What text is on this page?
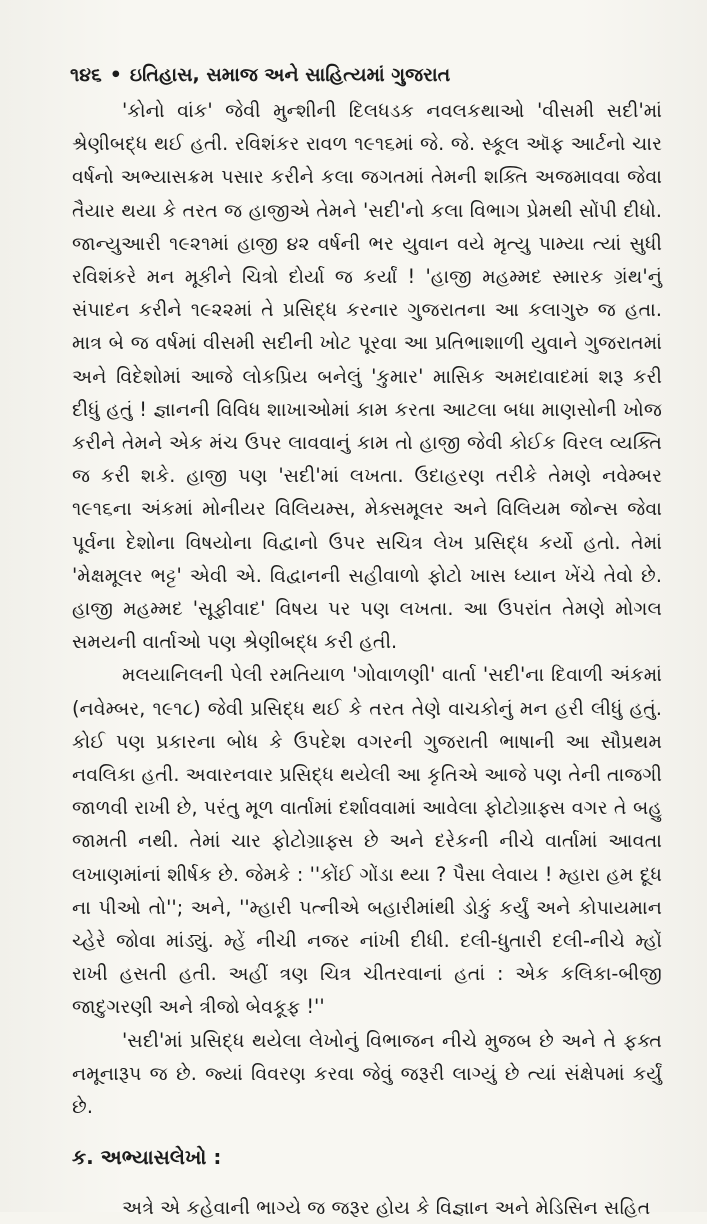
૧૪૬ • ઇતિહાસ, સમાજ અને સાહિત્યમાં ગુજરાત

'કોનો વાંક' જેવી મુન્શીની દિલધડક નવલકથાઓ 'વીસમી સદી'માં શ્રેણીબદ્ધ થઈ હતી. રવિશંકર રાવળ ૧૯૧૬માં જે. જે. સ્કૂલ ઑફ આર્ટનો ચાર વર્ષનો અભ્યાસક્રમ પસાર કરીને કલા જગતમાં તેમની શક્તિ અજમાવવા જેવા તૈયાર થયા કે તરત જ હાજીએ તેમને 'સદી'નો કલા વિભાગ પ્રેમથી સોંપી દીધો. જાન્યુઆરી ૧૯૨૧માં હાજી ૪૨ વર્ષની ભર યુવાન વયે મૃત્યુ પામ્યા ત્યાં સુધી રવિશંકરે મન મૂકીને ચિત્રો દોર્યા જ કર્યાં ! 'હાજી મહમ્મદ સ્મારક ગ્રંથ'નું સંપાદન કરીને ૧૯૨૨માં તે પ્રસિદ્ધ કરનાર ગુજરાતના આ કલાગુરુ જ હતા. માત્ર બે જ વર્ષમાં વીસમી સદીની ખોટ પૂરવા આ પ્રતિભાશાળી યુવાને ગુજરાતમાં અને વિદેશોમાં આજે લોકપ્રિય બનેલું 'કુમાર' માસિક અમદાવાદમાં શરૂ કરી દીધું હતું ! જ્ઞાનની વિવિધ શાખાઓમાં કામ કરતા આટલા બધા માણસોની ખોજ કરીને તેમને એક મંચ ઉપર લાવવાનું કામ તો હાજી જેવી કોઈક વિરલ વ્યક્તિ જ કરી શકે. હાજી પણ 'સદી'માં લખતા. ઉદાહરણ તરીકે તેમણે નવેમ્બર ૧૯૧૬ના અંકમાં મોનીયર વિલિયમ્સ, મેક્સમૂલર અને વિલિયમ જોન્સ જેવા પૂર્વના દેશોના વિષયોના વિદ્વાનો ઉપર સચિત્ર લેખ પ્રસિદ્ધ કર્યો હતો. તેમાં 'મેક્ષમૂલર ભટ્ટ' એવી એ. વિદ્વાનની સહીવાળો ફોટો ખાસ ધ્યાન ખેંચે તેવો છે. હાજી મહમ્મદ 'સૂફીવાદ' વિષય પર પણ લખતા. આ ઉપરાંત તેમણે મોગલ સમયની વાર્તાઓ પણ શ્રેણીબદ્ધ કરી હતી.

મલયાનિલની પેલી રમતિયાળ 'ગોવાળણી' વાર્તા 'સદી'ના દિવાળી અંકમાં (નવેમ્બર, ૧૯૧૮) જેવી પ્રસિદ્ધ થઈ કે તરત તેણે વાચકોનું મન હરી લીધું હતું. કોઈ પણ પ્રકારના બોધ કે ઉપદેશ વગરની ગુજરાતી ભાષાની આ સૌપ્રથમ નવલિકા હતી. અવારનવાર પ્રસિદ્ધ થયેલી આ કૃતિએ આજે પણ તેની તાજગી જાળવી રાખી છે, પરંતુ મૂળ વાર્તામાં દર્શાવવામાં આવેલા ફોટોગ્રાફ્સ વગર તે બહુ જામતી નથી. તેમાં ચાર ફોટોગ્રાફ્સ છે અને દરેકની નીચે વાર્તામાં આવતા લખાણમાંનાં શીર્ષક છે. જેમકે : ''કોંઈ ગોંડા થ્યા ? પૈસા લેવાય ! મ્હારા હમ દૂધ ના પીઓ તો''; અને, ''મ્હારી પત્નીએ બહારીમાંથી ડોકું કર્યું અને કોપાયમાન ચ્હેરે જોવા માંડ્યું. મ્હેં નીચી નજર નાંખી દીધી. દલી-ધુતારી દલી-નીચે મ્હોં રાખી હસતી હતી. અહીં ત્રણ ચિત્ર ચીતરવાનાં હતાં : એક કલિકા-બીજી જાદુગરણી અને ત્રીજો બેવકૂફ !''

'સદી'માં પ્રસિદ્ધ થયેલા લેખોનું વિભાજન નીચે મુજબ છે અને તે ફક્ત નમૂનારૂપ જ છે. જ્યાં વિવરણ કરવા જેવું જરૂરી લાગ્યું છે ત્યાં સંક્ષેપમાં કર્યું છે.

ક. અભ્યાસલેખો :

અત્રે એ કહેવાની ભાગ્યે જ જરૂર હોય કે વિજ્ઞાન અને મેડિસિન સહિત
